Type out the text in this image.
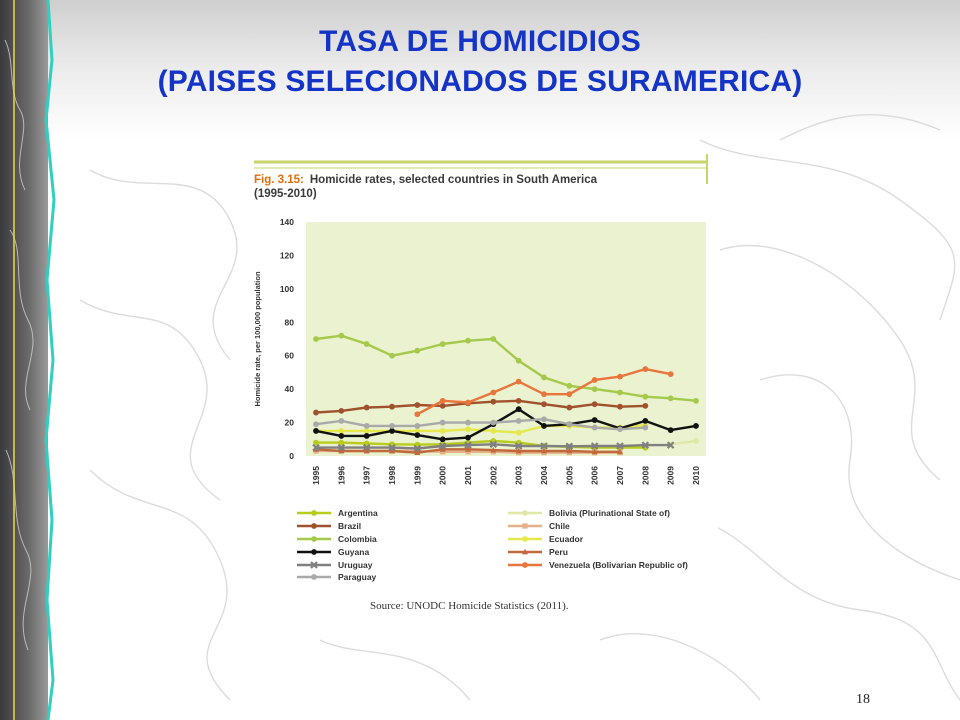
TASA DE HOMICIDIOS
(PAISES SELECIONADOS DE SURAMERICA)
Fig. 3.15: Homicide rates, selected countries in South America
(1995-2010)
0
20
40
60
80
100
120
140
1995 1996 1997 1998 1999 2000 2001 2002 2003 2004 2005 2006 2007 2008 2009 2010
Homicide rate, per 100,000 population
Argentina	Bolivia (Plurinational State of)
Brazil	Chile
Colombia	Ecuador
Guyana	Peru
Uruguay	Venezuela (Bolivarian Republic of)
Paraguay
Source: UNODC Homicide Statistics (2011).
18
